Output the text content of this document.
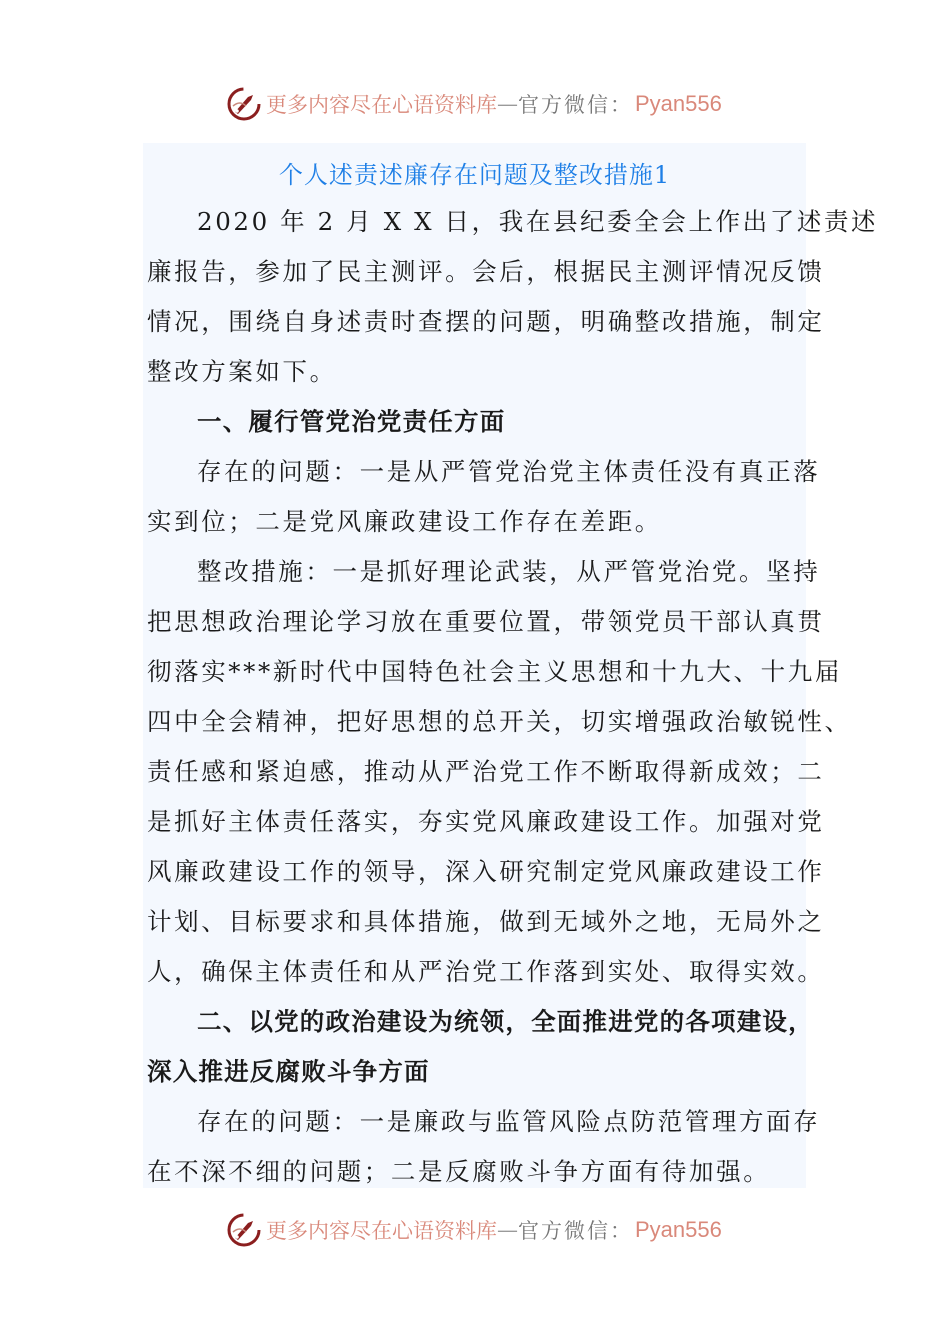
更多内容尽在心语资料库 — 官方微信： Pyan556
个人述责述廉存在问题及整改措施1
2020 年 2 月 X X 日，我在县纪委全会上作出了述责述
廉报告，参加了民主测评。会后，根据民主测评情况反馈
情况，围绕自身述责时查摆的问题，明确整改措施，制定
整改方案如下。
一、履行管党治党责任方面
存在的问题：一是从严管党治党主体责任没有真正落
实到位；二是党风廉政建设工作存在差距。
整改措施：一是抓好理论武装，从严管党治党。坚持
把思想政治理论学习放在重要位置，带领党员干部认真贯
彻落实***新时代中国特色社会主义思想和十九大、十九届
四中全会精神，把好思想的总开关，切实增强政治敏锐性、
责任感和紧迫感，推动从严治党工作不断取得新成效；二
是抓好主体责任落实，夯实党风廉政建设工作。加强对党
风廉政建设工作的领导，深入研究制定党风廉政建设工作
计划、目标要求和具体措施，做到无域外之地，无局外之
人，确保主体责任和从严治党工作落到实处、取得实效。
二、以党的政治建设为统领，全面推进党的各项建设，
深入推进反腐败斗争方面
存在的问题：一是廉政与监管风险点防范管理方面存
在不深不细的问题；二是反腐败斗争方面有待加强。
更多内容尽在心语资料库 — 官方微信： Pyan556
